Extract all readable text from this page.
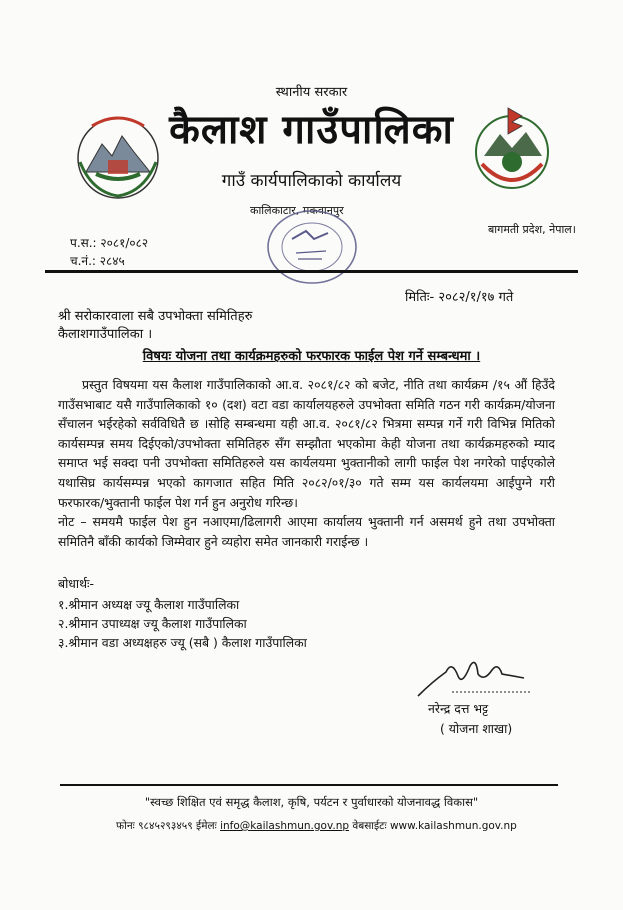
स्थानीय सरकार
कैलाश गाउँपालिका
गाउँ कार्यपालिकाको कार्यालय
कालिकाटार, मकवानपुर
बागमती प्रदेश, नेपाल।
प.स.: २०८१/०८२
च.नं.: २८४५
मितिः- २०८२/१/१७ गते
श्री सरोकारवाला सबै उपभोक्ता समितिहरु
कैलाशगाउँपालिका ।
विषयः योजना तथा कार्यक्रमहरुको फरफारक फाईल पेश गर्ने सम्बन्धमा ।

प्रस्तुत विषयमा यस कैलाश गाउँपालिकाको आ.व. २०८१/८२ को बजेट, नीति तथा कार्यक्रम /१५ औं हिउँदे गाउँसभाबाट यसै गाउँपालिकाको १० (दश) वटा वडा कार्यालयहरुले उपभोक्ता समिति गठन गरी कार्यक्रम/योजना सँचालन भईरहेको सर्वविधितै छ ।सोहि सम्बन्धमा यही आ.व. २०८१/८२ भित्रमा सम्पन्न गर्ने गरी विभिन्न मितिको कार्यसम्पन्न समय दिईएको/उपभोक्ता समितिहरु सँग सम्झौता भएकोमा केही योजना तथा कार्यक्रमहरुको म्याद समाप्त भई सक्दा पनी उपभोक्ता समितिहरुले यस कार्यलयमा भुक्तानीको लागी फाईल पेश नगरेको पाईएकोले यथासिघ्र कार्यसम्पन्न भएको कागजात सहित मिति २०८२/०१/३० गते सम्म यस कार्यलयमा आईपुग्ने गरी फरफारक/भुक्तानी फाईल पेश गर्न हुन अनुरोध गरिन्छ।

नोट – समयमै फाईल पेश हुन नआएमा/ढिलागरी आएमा कार्यालय भुक्तानी गर्न असमर्थ हुने तथा उपभोक्ता समितिनै बाँकी कार्यको जिम्मेवार हुने व्यहोरा समेत जानकारी गराईन्छ ।

बोधार्थः-
१.श्रीमान अध्यक्ष ज्यू कैलाश गाउँपालिका
२.श्रीमान उपाध्यक्ष ज्यू कैलाश गाउँपालिका
३.श्रीमान वडा अध्यक्षहरु ज्यू (सबै ) कैलाश गाउँपालिका
नरेन्द्र दत्त भट्ट
( योजना शाखा)
"स्वच्छ शिक्षित एवं समृद्ध कैलाश, कृषि, पर्यटन र पुर्वाधारको योजनावद्ध विकास"
फोनः ९८४५२९३४५९ ईमेलः info@kailashmun.gov.np वेबसाईटः www.kailashmun.gov.np
